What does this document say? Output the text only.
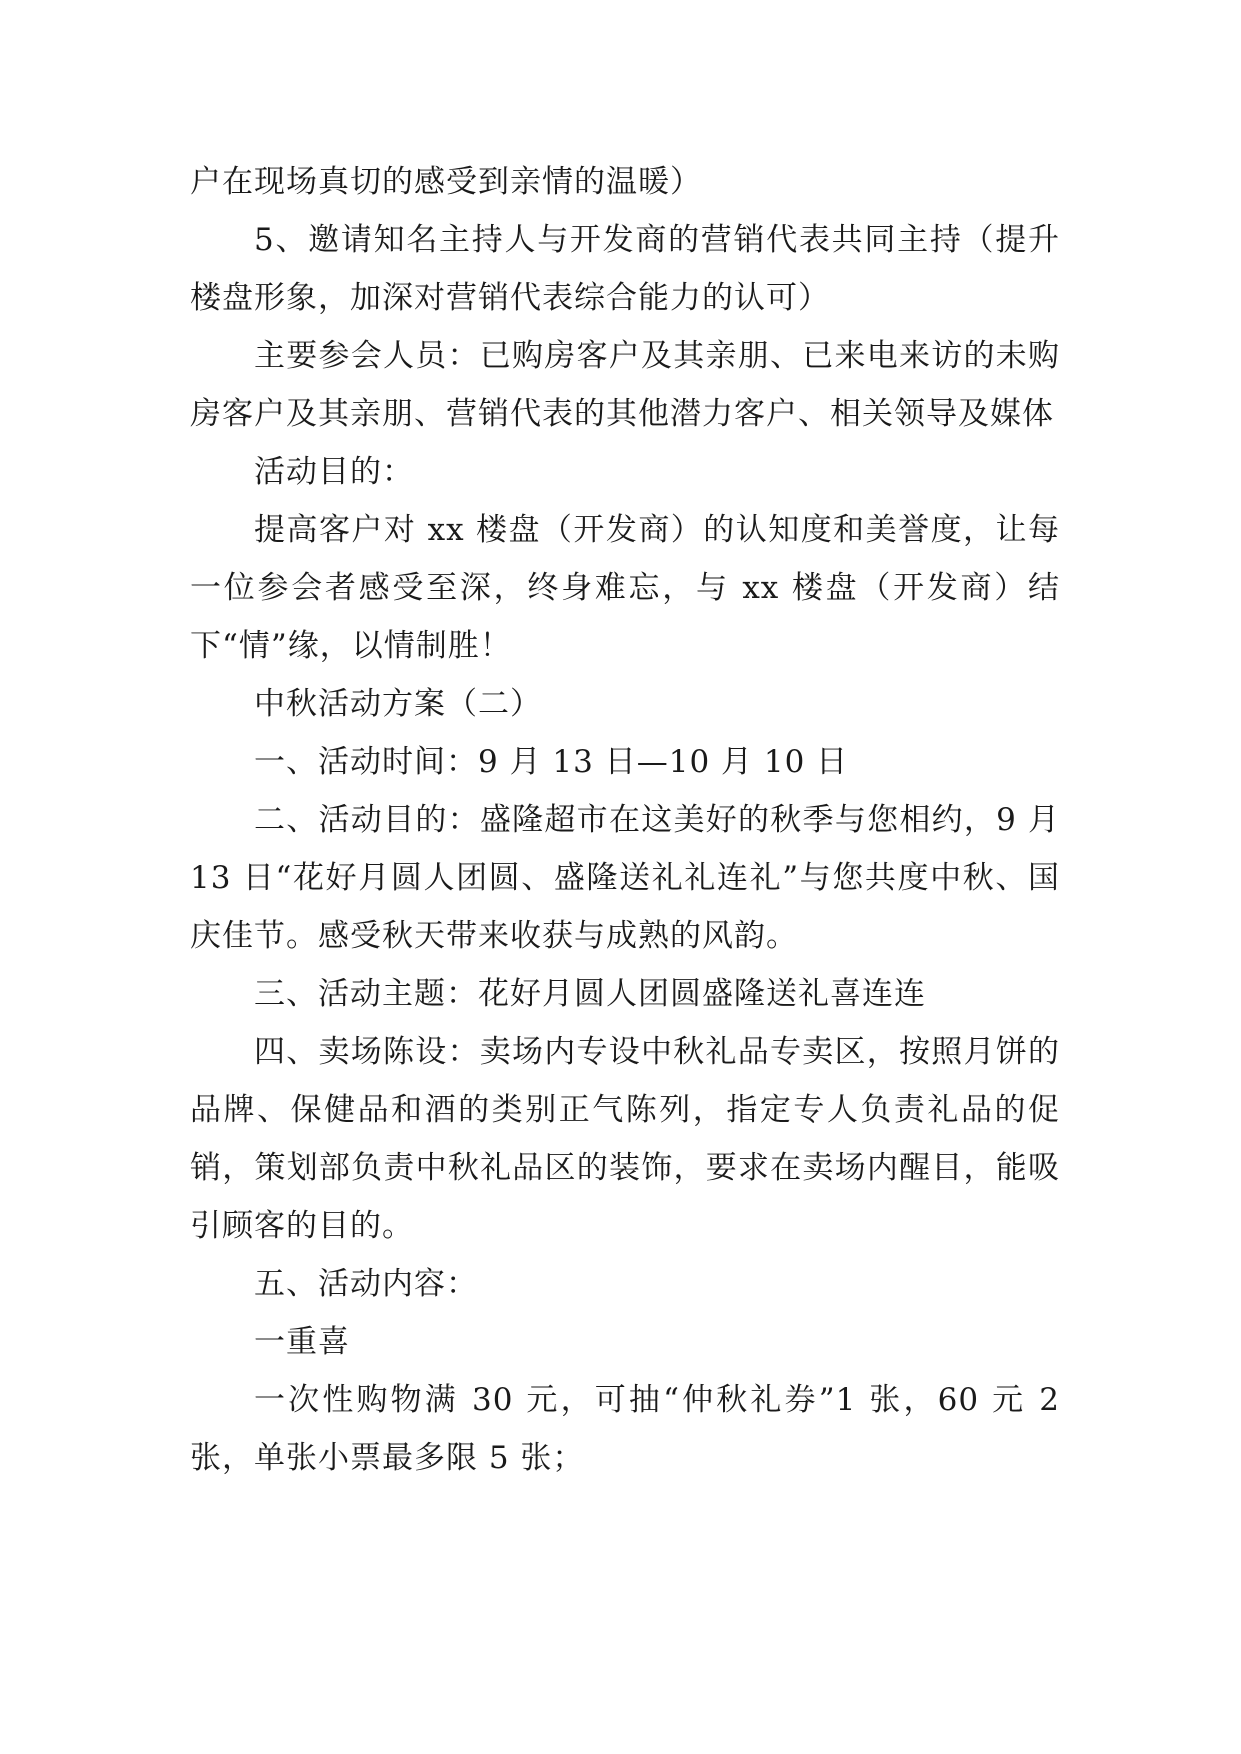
户在现场真切的感受到亲情的温暖）

5、邀请知名主持人与开发商的营销代表共同主持（提升楼盘形象，加深对营销代表综合能力的认可）

主要参会人员：已购房客户及其亲朋、已来电来访的未购房客户及其亲朋、营销代表的其他潜力客户、相关领导及媒体

活动目的：

提高客户对 xx 楼盘（开发商）的认知度和美誉度，让每一位参会者感受至深，终身难忘，与 xx 楼盘（开发商）结下“情”缘，以情制胜！

中秋活动方案（二）

一、活动时间：9 月 13 日—10 月 10 日

二、活动目的：盛隆超市在这美好的秋季与您相约，9 月 13 日“花好月圆人团圆、盛隆送礼礼连礼”与您共度中秋、国庆佳节。感受秋天带来收获与成熟的风韵。

三、活动主题：花好月圆人团圆盛隆送礼喜连连

四、卖场陈设：卖场内专设中秋礼品专卖区，按照月饼的品牌、保健品和酒的类别正气陈列，指定专人负责礼品的促销，策划部负责中秋礼品区的装饰，要求在卖场内醒目，能吸引顾客的目的。

五、活动内容：

一重喜

一次性购物满 30 元，可抽“仲秋礼券”1 张，60 元 2 张，单张小票最多限 5 张；
